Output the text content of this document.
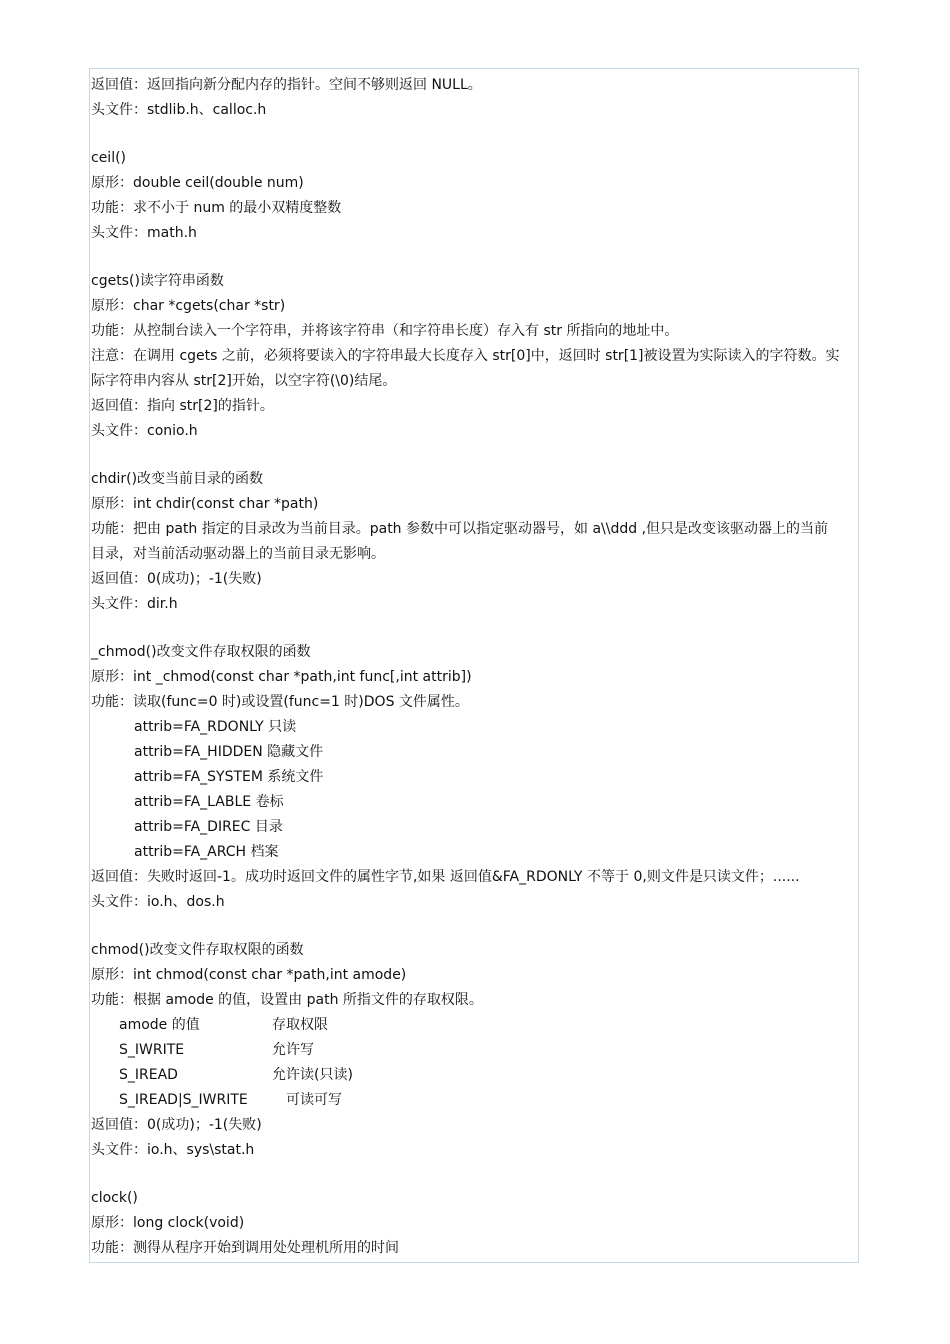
返回值：返回指向新分配内存的指针。空间不够则返回 NULL。
头文件：stdlib.h、calloc.h
ceil()
原形：double ceil(double num)
功能：求不小于 num 的最小双精度整数
头文件：math.h
cgets()读字符串函数
原形：char *cgets(char *str)
功能：从控制台读入一个字符串，并将该字符串（和字符串长度）存入有 str 所指向的地址中。
注意：在调用 cgets 之前，必须将要读入的字符串最大长度存入 str[0]中，返回时 str[1]被设置为实际读入的字符数。实
际字符串内容从 str[2]开始，以空字符(\0)结尾。
返回值：指向 str[2]的指针。
头文件：conio.h
chdir()改变当前目录的函数
原形：int chdir(const char *path)
功能：把由 path 指定的目录改为当前目录。path 参数中可以指定驱动器号，如 a\\ddd ,但只是改变该驱动器上的当前
目录，对当前活动驱动器上的当前目录无影响。
返回值：0(成功)；-1(失败)
头文件：dir.h
_chmod()改变文件存取权限的函数
原形：int _chmod(const char *path,int func[,int attrib])
功能：读取(func=0 时)或设置(func=1 时)DOS 文件属性。
attrib=FA_RDONLY 只读
attrib=FA_HIDDEN 隐藏文件
attrib=FA_SYSTEM 系统文件
attrib=FA_LABLE 卷标
attrib=FA_DIREC 目录
attrib=FA_ARCH 档案
返回值：失败时返回-1。成功时返回文件的属性字节,如果 返回值&FA_RDONLY 不等于 0,则文件是只读文件；......
头文件：io.h、dos.h
chmod()改变文件存取权限的函数
原形：int chmod(const char *path,int amode)
功能：根据 amode 的值，设置由 path 所指文件的存取权限。
amode 的值	存取权限
S_IWRITE	允许写
S_IREAD	允许读(只读)
S_IREAD|S_IWRITE	可读可写
返回值：0(成功)；-1(失败)
头文件：io.h、sys\stat.h
clock()
原形：long clock(void)
功能：测得从程序开始到调用处处理机所用的时间
